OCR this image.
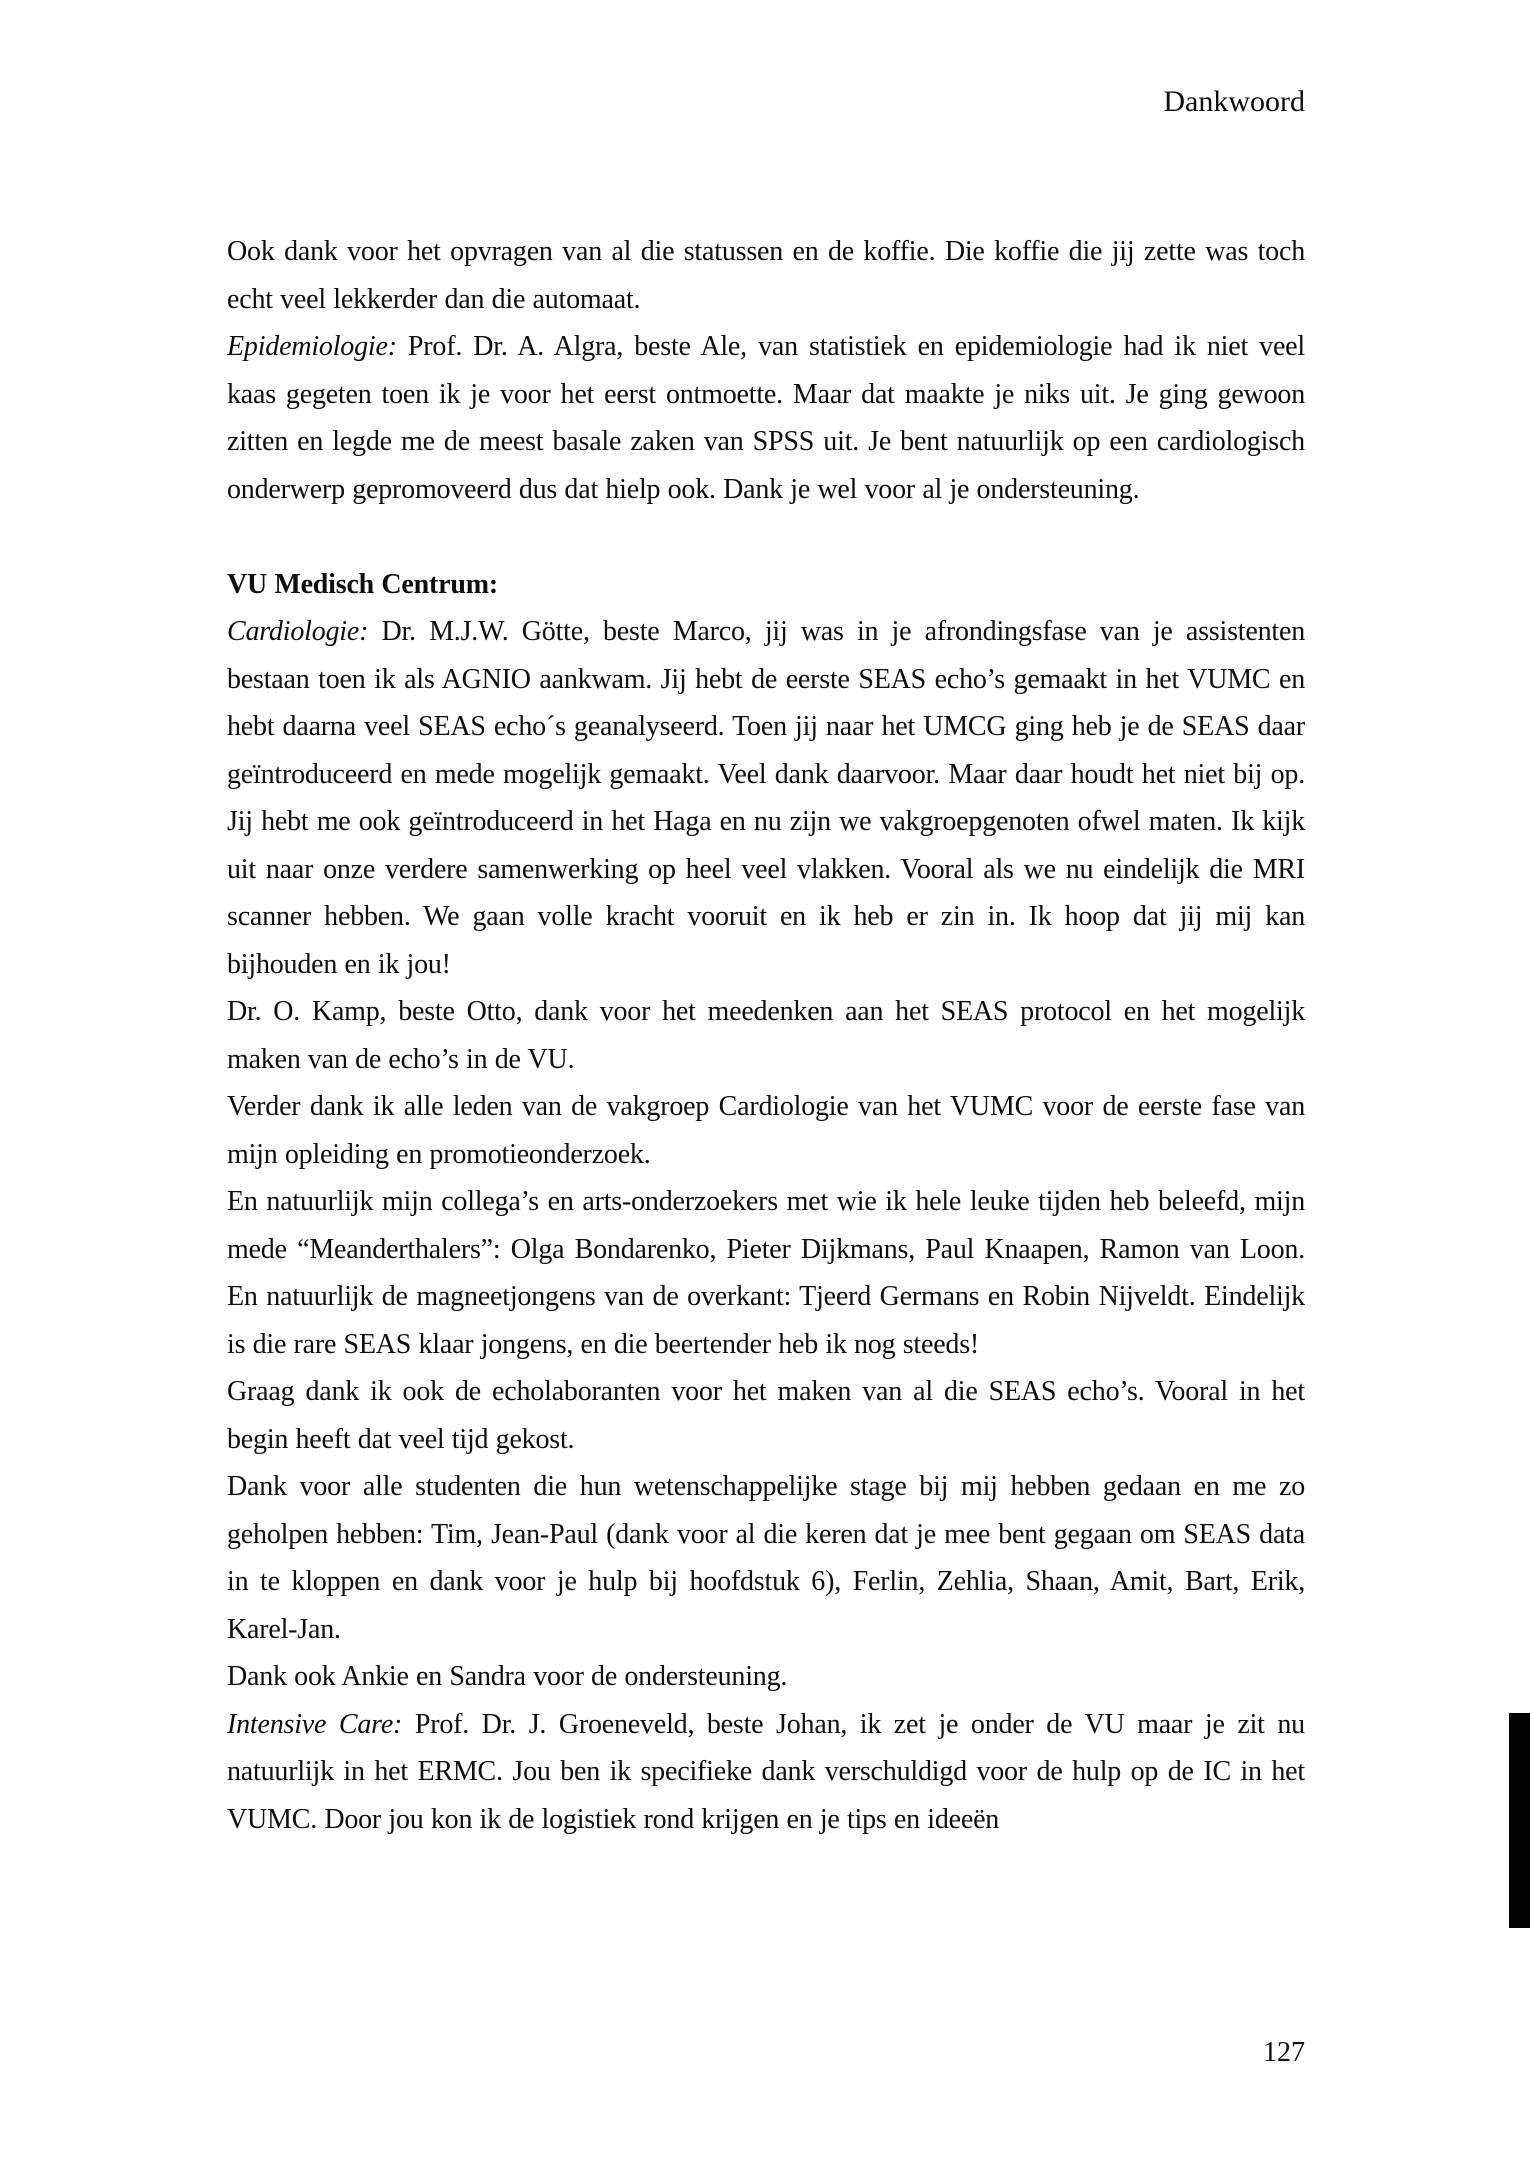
Dankwoord

Ook dank voor het opvragen van al die statussen en de koffie. Die koffie die jij zette was toch echt veel lekkerder dan die automaat.

Epidemiologie: Prof. Dr. A. Algra, beste Ale, van statistiek en epidemiologie had ik niet veel kaas gegeten toen ik je voor het eerst ontmoette. Maar dat maakte je niks uit. Je ging gewoon zitten en legde me de meest basale zaken van SPSS uit. Je bent natuurlijk op een cardiologisch onderwerp gepromoveerd dus dat hielp ook. Dank je wel voor al je ondersteuning.

VU Medisch Centrum:

Cardiologie: Dr. M.J.W. Götte, beste Marco, jij was in je afrondingsfase van je assistenten bestaan toen ik als AGNIO aankwam. Jij hebt de eerste SEAS echo’s gemaakt in het VUMC en hebt daarna veel SEAS echo´s geanalyseerd. Toen jij naar het UMCG ging heb je de SEAS daar geïntroduceerd en mede mogelijk gemaakt. Veel dank daarvoor. Maar daar houdt het niet bij op. Jij hebt me ook geïntroduceerd in het Haga en nu zijn we vakgroepgenoten ofwel maten. Ik kijk uit naar onze verdere samenwerking op heel veel vlakken. Vooral als we nu eindelijk die MRI scanner hebben. We gaan volle kracht vooruit en ik heb er zin in. Ik hoop dat jij mij kan bijhouden en ik jou!

Dr. O. Kamp, beste Otto, dank voor het meedenken aan het SEAS protocol en het mogelijk maken van de echo’s in de VU.

Verder dank ik alle leden van de vakgroep Cardiologie van het VUMC voor de eerste fase van mijn opleiding en promotieonderzoek.

En natuurlijk mijn collega’s en arts-onderzoekers met wie ik hele leuke tijden heb beleefd, mijn mede “Meanderthalers”: Olga Bondarenko, Pieter Dijkmans, Paul Knaapen, Ramon van Loon. En natuurlijk de magneetjongens van de overkant: Tjeerd Germans en Robin Nijveldt. Eindelijk is die rare SEAS klaar jongens, en die beertender heb ik nog steeds!

Graag dank ik ook de echolaboranten voor het maken van al die SEAS echo’s. Vooral in het begin heeft dat veel tijd gekost.

Dank voor alle studenten die hun wetenschappelijke stage bij mij hebben gedaan en me zo geholpen hebben: Tim, Jean-Paul (dank voor al die keren dat je mee bent gegaan om SEAS data in te kloppen en dank voor je hulp bij hoofdstuk 6), Ferlin, Zehlia, Shaan, Amit, Bart, Erik, Karel-Jan.

Dank ook Ankie en Sandra voor de ondersteuning.

Intensive Care: Prof. Dr. J. Groeneveld, beste Johan, ik zet je onder de VU maar je zit nu natuurlijk in het ERMC. Jou ben ik specifieke dank verschuldigd voor de hulp op de IC in het VUMC. Door jou kon ik de logistiek rond krijgen en je tips en ideeën

127
